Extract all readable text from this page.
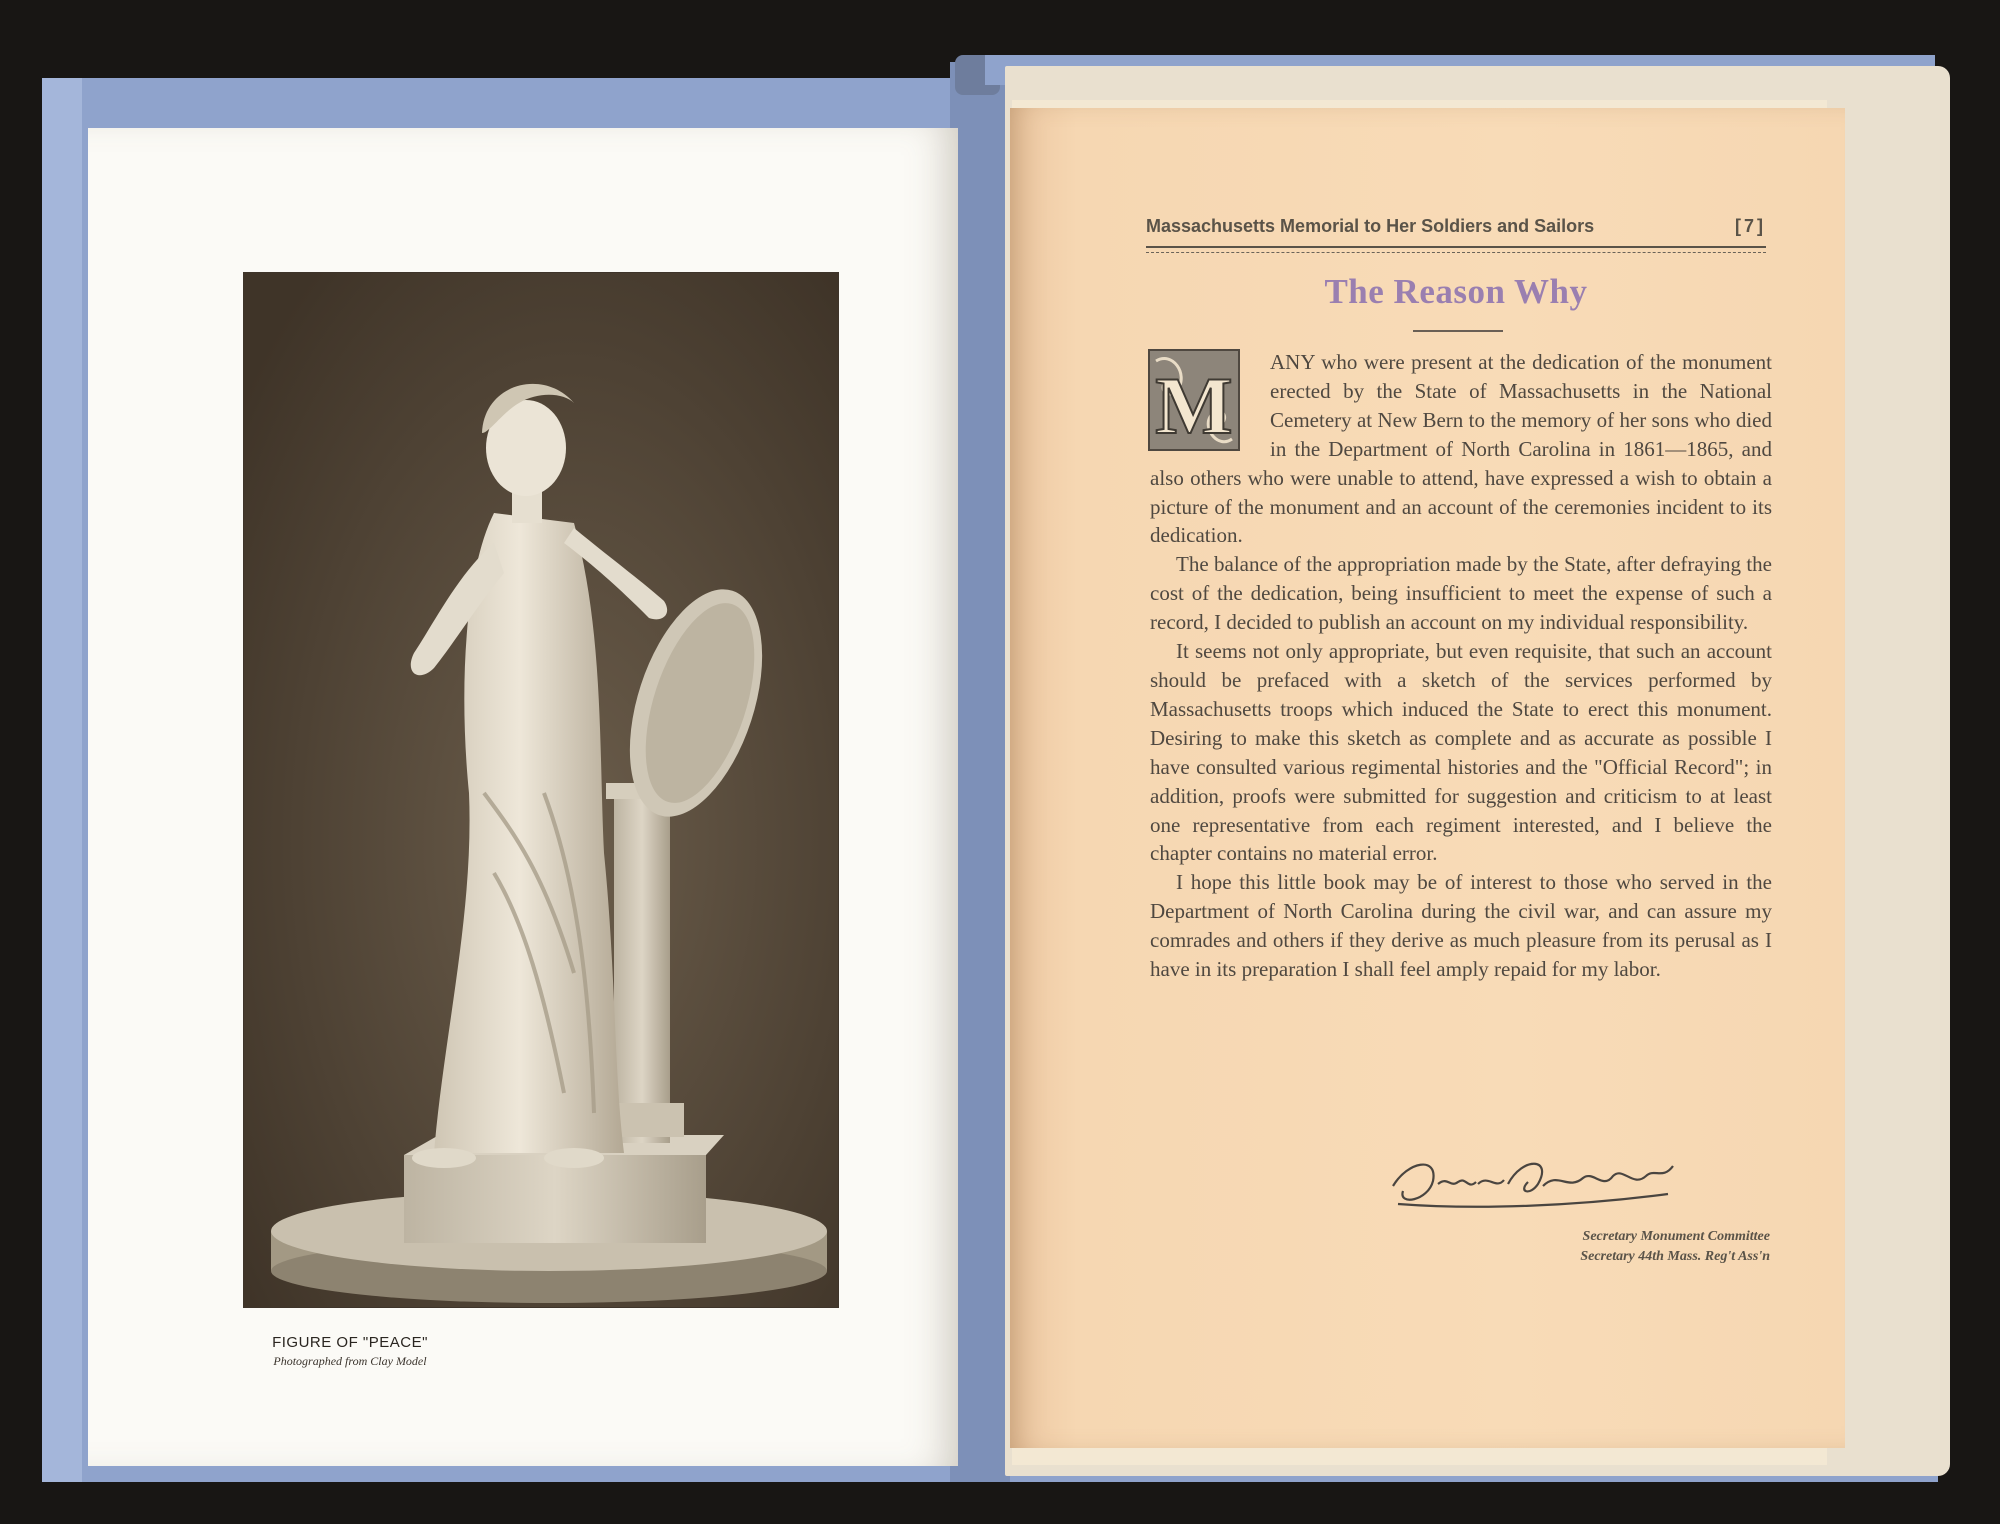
FIGURE OF "PEACE"
Photographed from Clay Model
Massachusetts Memorial to Her Soldiers and Sailors	[7]
The Reason Why

ANY who were present at the dedication of the monument erected by the State of Massachusetts in the National Cemetery at New Bern to the memory of her sons who died in the Department of North Carolina in 1861—1865, and also others who were unable to attend, have expressed a wish to obtain a picture of the monument and an account of the ceremonies incident to its dedication.

The balance of the appropriation made by the State, after defraying the cost of the dedication, being insufficient to meet the expense of such a record, I decided to publish an account on my individual responsibility.

It seems not only appropriate, but even requisite, that such an account should be prefaced with a sketch of the services performed by Massachusetts troops which induced the State to erect this monument. Desiring to make this sketch as complete and as accurate as possible I have consulted various regimental histories and the "Official Record"; in addition, proofs were submitted for suggestion and criticism to at least one representative from each regiment interested, and I believe the chapter contains no material error.

I hope this little book may be of interest to those who served in the Department of North Carolina during the civil war, and can assure my comrades and others if they derive as much pleasure from its perusal as I have in its preparation I shall feel amply repaid for my labor.

M
James B. Gardner
Secretary Monument Committee
Secretary 44th Mass. Reg't Ass'n
